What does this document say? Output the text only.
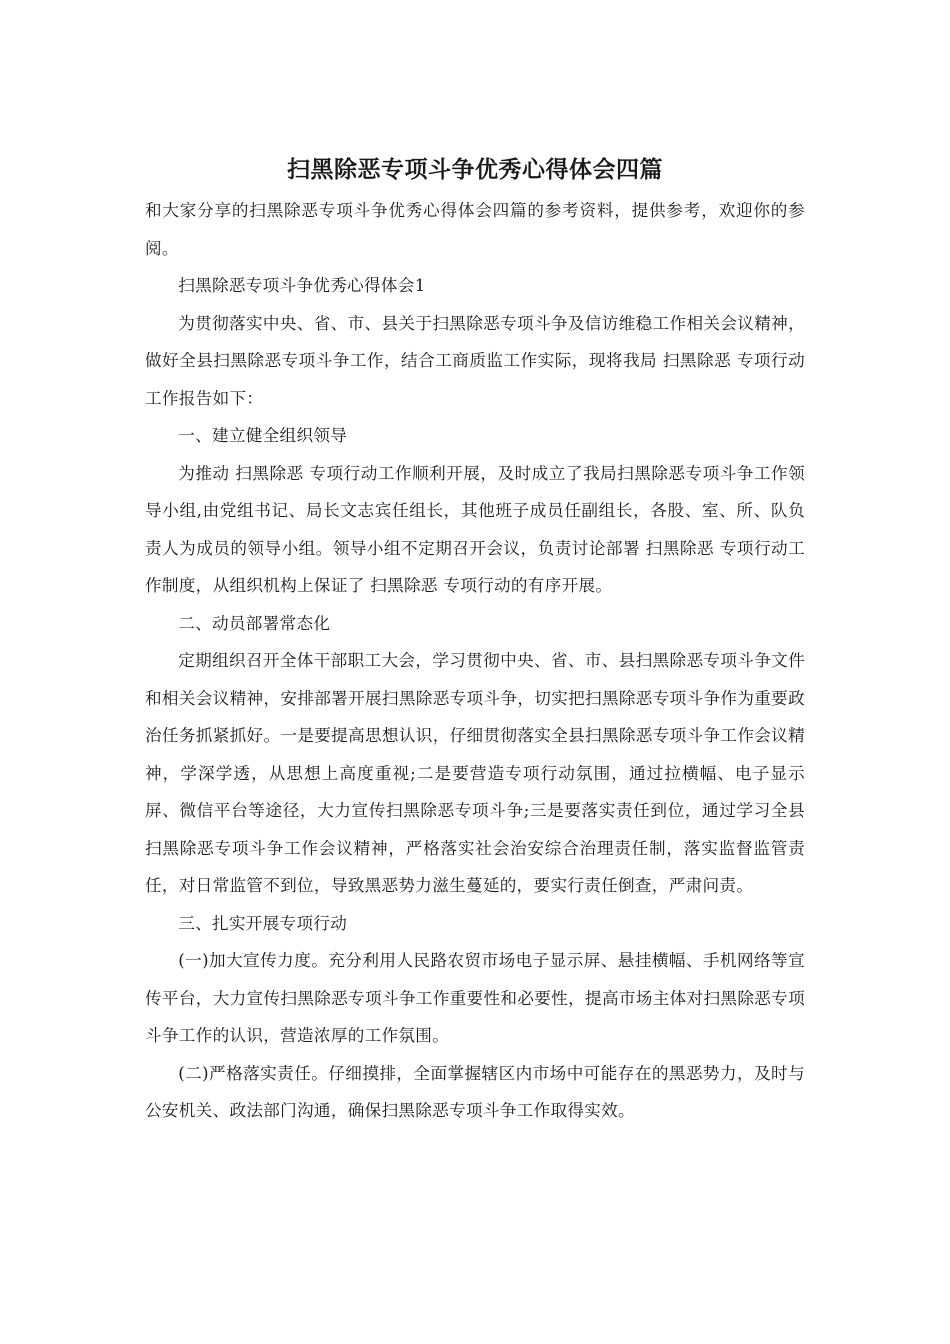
扫黑除恶专项斗争优秀心得体会四篇

和大家分享的扫黑除恶专项斗争优秀心得体会四篇的参考资料，提供参考，欢迎你的参阅。

扫黑除恶专项斗争优秀心得体会1

为贯彻落实中央、省、市、县关于扫黑除恶专项斗争及信访维稳工作相关会议精神，做好全县扫黑除恶专项斗争工作，结合工商质监工作实际，现将我局 扫黑除恶 专项行动工作报告如下：

一、建立健全组织领导

为推动 扫黑除恶 专项行动工作顺利开展，及时成立了我局扫黑除恶专项斗争工作领导小组,由党组书记、局长文志宾任组长，其他班子成员任副组长，各股、室、所、队负责人为成员的领导小组。领导小组不定期召开会议，负责讨论部署 扫黑除恶 专项行动工作制度，从组织机构上保证了 扫黑除恶 专项行动的有序开展。

二、动员部署常态化

定期组织召开全体干部职工大会，学习贯彻中央、省、市、县扫黑除恶专项斗争文件和相关会议精神，安排部署开展扫黑除恶专项斗争，切实把扫黑除恶专项斗争作为重要政治任务抓紧抓好。一是要提高思想认识，仔细贯彻落实全县扫黑除恶专项斗争工作会议精神，学深学透，从思想上高度重视;二是要营造专项行动氛围，通过拉横幅、电子显示屏、微信平台等途径，大力宣传扫黑除恶专项斗争;三是要落实责任到位，通过学习全县扫黑除恶专项斗争工作会议精神，严格落实社会治安综合治理责任制，落实监督监管责任，对日常监管不到位，导致黑恶势力滋生蔓延的，要实行责任倒查，严肃问责。

三、扎实开展专项行动

(一)加大宣传力度。充分利用人民路农贸市场电子显示屏、悬挂横幅、手机网络等宣传平台，大力宣传扫黑除恶专项斗争工作重要性和必要性，提高市场主体对扫黑除恶专项斗争工作的认识，营造浓厚的工作氛围。

(二)严格落实责任。仔细摸排，全面掌握辖区内市场中可能存在的黑恶势力，及时与公安机关、政法部门沟通，确保扫黑除恶专项斗争工作取得实效。
